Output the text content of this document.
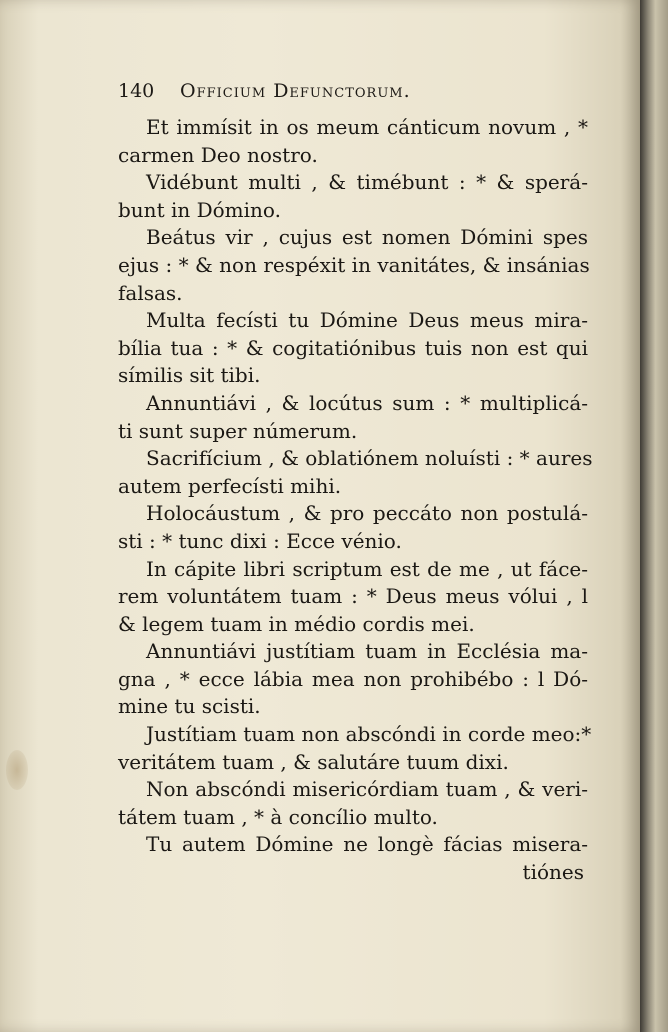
140 Officium Defunctorum.
Et immísit in os meum cánticum novum , *
carmen Deo nostro.
Vidébunt multi , & timébunt : * & sperá-
bunt in Dómino.
Beátus vir , cujus est nomen Dómini spes
ejus : * & non respéxit in vanitátes, & insánias
falsas.
Multa fecísti tu Dómine Deus meus mira-
bília tua : * & cogitatiónibus tuis non est qui
símilis sit tibi.
Annuntiávi , & locútus sum : * multiplicá-
ti sunt super númerum.
Sacrifícium , & oblatiónem noluísti : * aures
autem perfecísti mihi.
Holocáustum , & pro peccáto non postulá-
sti : * tunc dixi : Ecce vénio.
In cápite libri scriptum est de me , ut fáce-
rem voluntátem tuam : * Deus meus vólui , l
& legem tuam in médio cordis mei.
Annuntiávi justítiam tuam in Ecclésia ma-
gna , * ecce lábia mea non prohibébo : l Dó-
mine tu scisti.
Justítiam tuam non abscóndi in corde meo:*
veritátem tuam , & salutáre tuum dixi.
Non abscóndi misericórdiam tuam , & veri-
tátem tuam , * à concílio multo.
Tu autem Dómine ne longè fácias misera-
tiónes
